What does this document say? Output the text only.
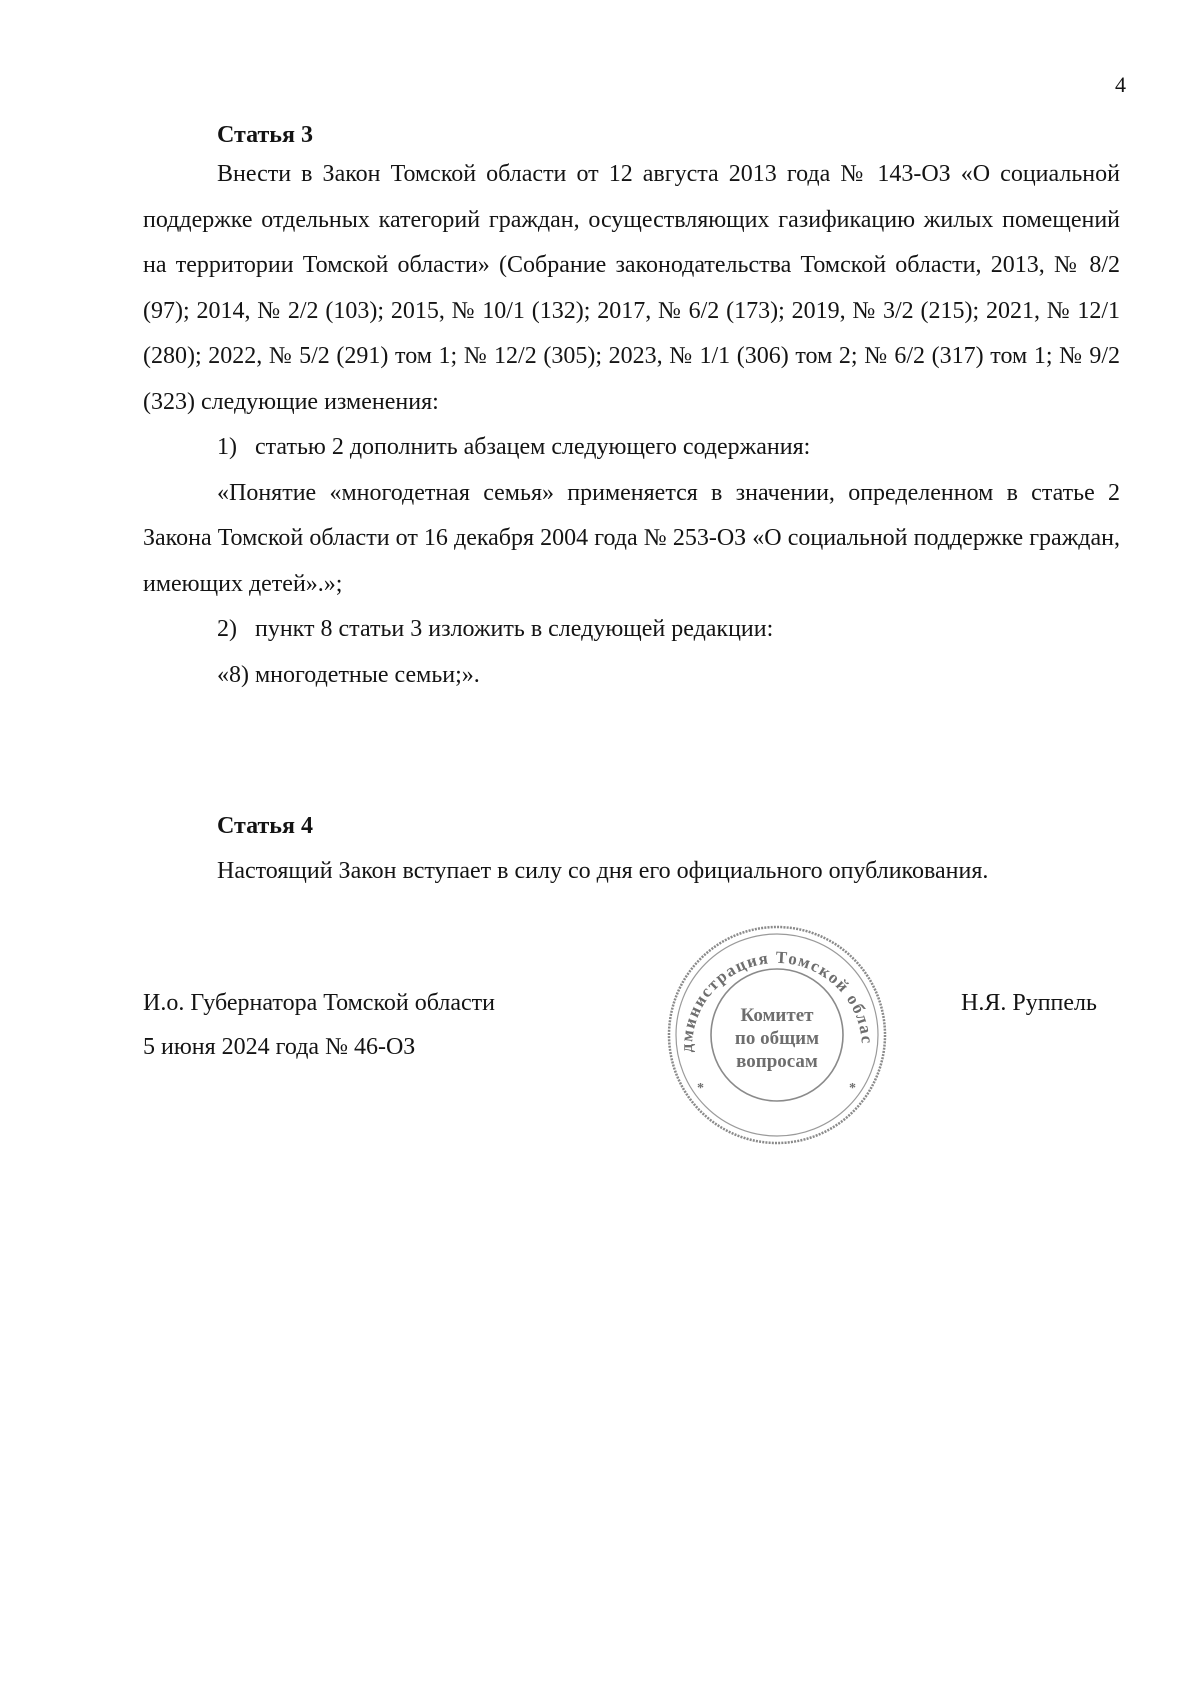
4
Статья 3

Внести в Закон Томской области от 12 августа 2013 года № 143-ОЗ «О социальной поддержке отдельных категорий граждан, осуществляющих газификацию жилых помещений на территории Томской области» (Собрание законодательства Томской области, 2013, № 8/2 (97); 2014, № 2/2 (103); 2015, № 10/1 (132); 2017, № 6/2 (173); 2019, № 3/2 (215); 2021, № 12/1 (280); 2022, № 5/2 (291) том 1; № 12/2 (305); 2023, № 1/1 (306) том 2; № 6/2 (317) том 1; № 9/2 (323) следующие изменения:

1)   статью 2 дополнить абзацем следующего содержания:

«Понятие «многодетная семья» применяется в значении, определенном в статье 2 Закона Томской области от 16 декабря 2004 года № 253-ОЗ «О социальной поддержке граждан, имеющих детей».»;

2)   пункт 8 статьи 3 изложить в следующей редакции:

«8) многодетные семьи;».

Статья 4
Настоящий Закон вступает в силу со дня его официального опубликования.
И.о. Губернатора Томской области
5 июня 2024 года № 46-ОЗ
Н.Я. Руппель
дминистрация Томской облас
*	*
Комитет
по общим
вопросам
